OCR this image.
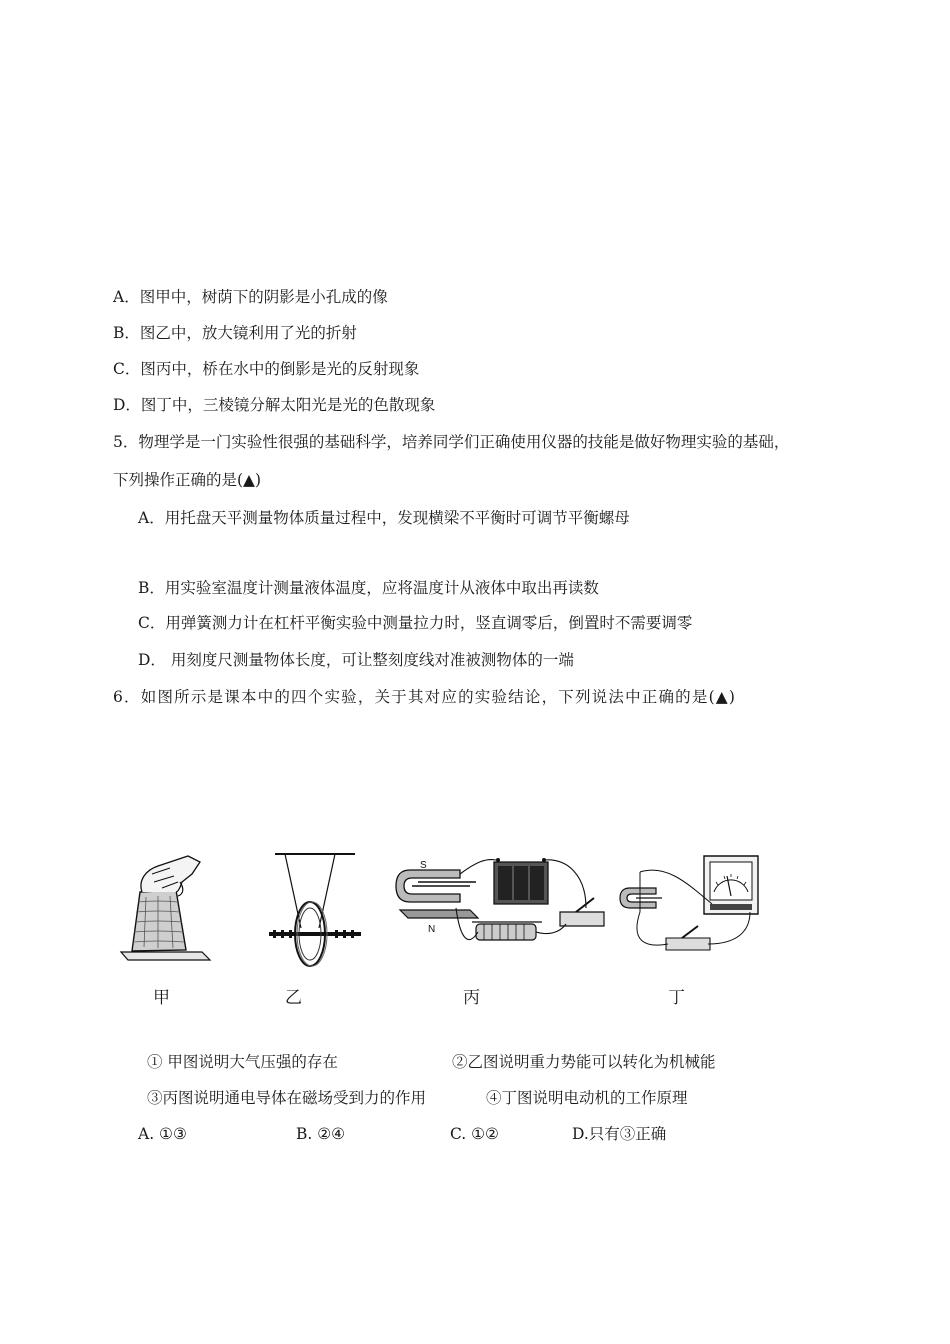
A．图甲中，树荫下的阴影是小孔成的像
B．图乙中，放大镜利用了光的折射
C．图丙中，桥在水中的倒影是光的反射现象
D．图丁中，三棱镜分解太阳光是光的色散现象
5．物理学是一门实验性很强的基础科学，培养同学们正确使用仪器的技能是做好物理实验的基础，
下列操作正确的是(▲)
A．用托盘天平测量物体质量过程中，发现横梁不平衡时可调节平衡螺母
B．用实验室温度计测量液体温度，应将温度计从液体中取出再读数
C．用弹簧测力计在杠杆平衡实验中测量拉力时，竖直调零后，倒置时不需要调零
D． 用刻度尺测量物体长度，可让整刻度线对准被测物体的一端
6．如图所示是课本中的四个实验，关于其对应的实验结论，下列说法中正确的是(▲)
S
N
甲	乙	丙	丁
① 甲图说明大气压强的存在	②乙图说明重力势能可以转化为机械能
③丙图说明通电导体在磁场受到力的作用	④丁图说明电动机的工作原理
A. ①③	B. ②④	C. ①②	D.只有③正确
